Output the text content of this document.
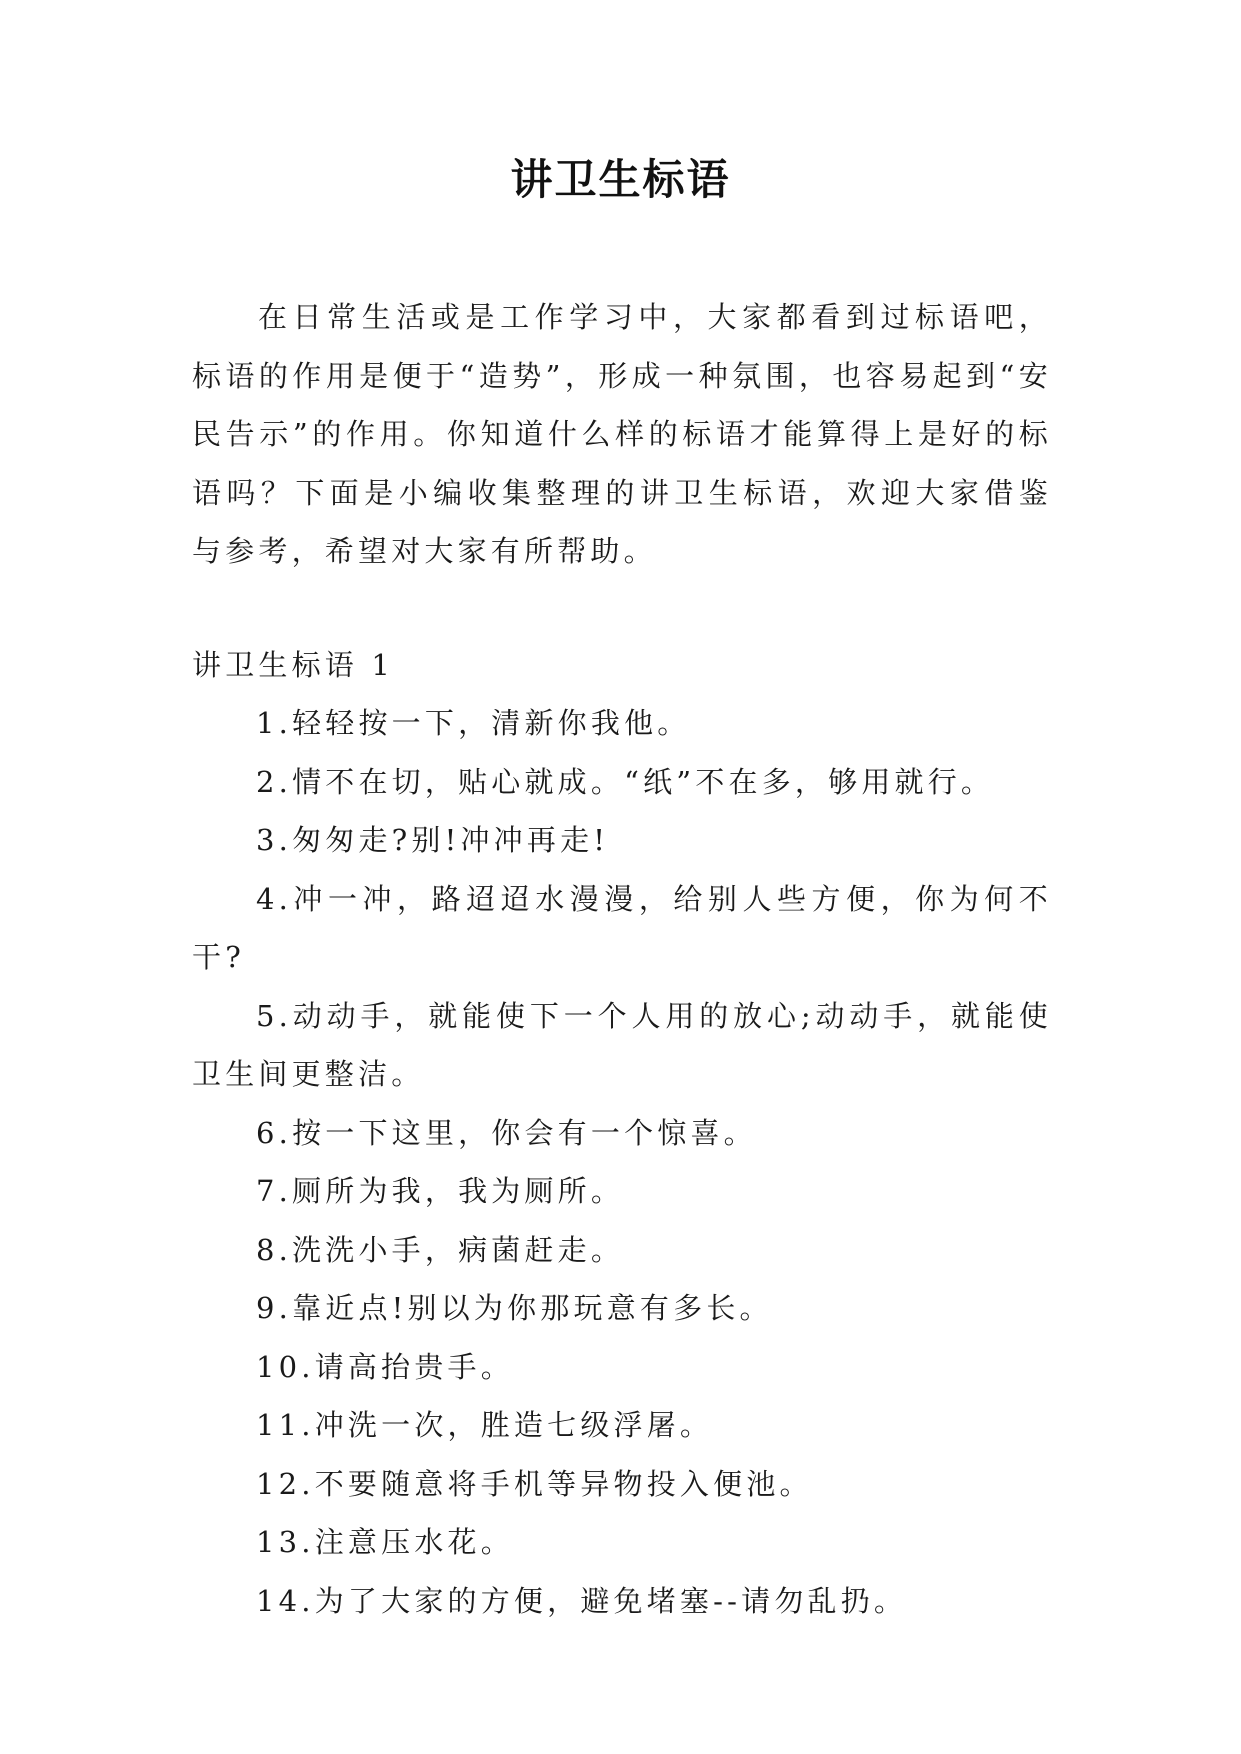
讲卫生标语

在日常生活或是工作学习中，大家都看到过标语吧，标语的作用是便于“造势”，形成一种氛围，也容易起到“安民告示”的作用。你知道什么样的标语才能算得上是好的标语吗？下面是小编收集整理的讲卫生标语，欢迎大家借鉴与参考，希望对大家有所帮助。

讲卫生标语 1
1.轻轻按一下，清新你我他。
2.情不在切，贴心就成。“纸”不在多，够用就行。
3.匆匆走?别!冲冲再走!
4.冲一冲，路迢迢水漫漫，给别人些方便，你为何不干?
5.动动手，就能使下一个人用的放心;动动手，就能使卫生间更整洁。
6.按一下这里，你会有一个惊喜。
7.厕所为我，我为厕所。
8.洗洗小手，病菌赶走。
9.靠近点!别以为你那玩意有多长。
10.请高抬贵手。
11.冲洗一次，胜造七级浮屠。
12.不要随意将手机等异物投入便池。
13.注意压水花。
14.为了大家的方便，避免堵塞--请勿乱扔。
